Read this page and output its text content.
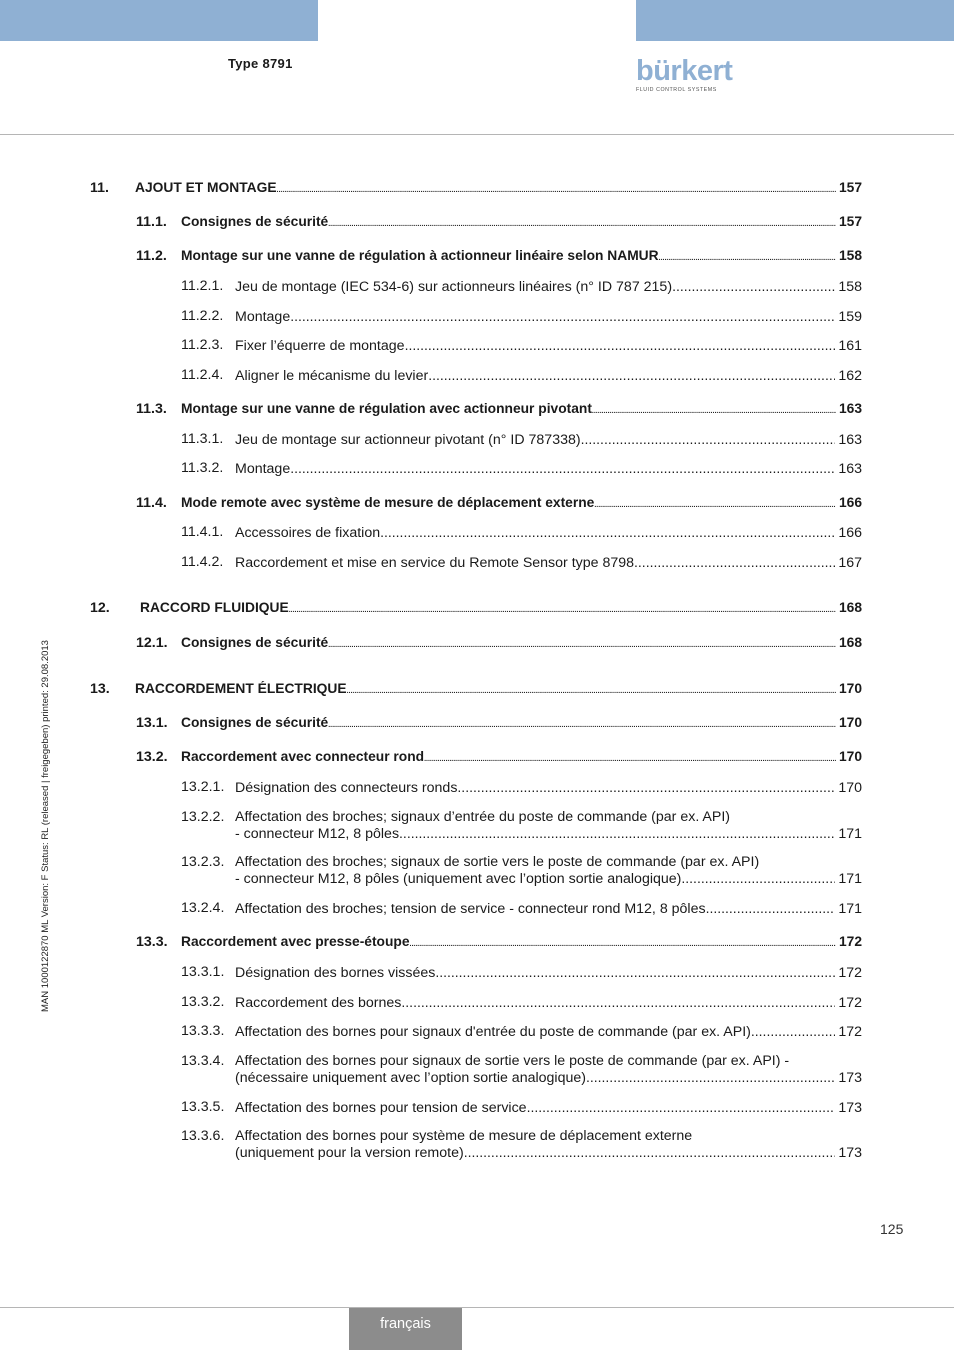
Type 8791	bürkert
FLUID CONTROL SYSTEMS
MAN 1000122870 ML Version: F Status: RL (released | freigegeben) printed: 29.08.2013
11. AJOUT ET MONTAGE .....	157
11.1. Consignes de sécurité .....	157
11.2. Montage sur une vanne de régulation à actionneur linéaire selon NAMUR .....	158
11.2.1. Jeu de montage (IEC 534-6) sur actionneurs linéaires (n° ID 787 215) .....	158
11.2.2. Montage .....	159
11.2.3. Fixer l’équerre de montage .....	161
11.2.4. Aligner le mécanisme du levier .....	162
11.3. Montage sur une vanne de régulation avec actionneur pivotant .....	163
11.3.1. Jeu de montage sur actionneur pivotant (n° ID 787338) .....	163
11.3.2. Montage .....	163
11.4. Mode remote avec système de mesure de déplacement externe .....	166
11.4.1. Accessoires de fixation .....	166
11.4.2. Raccordement et mise en service du Remote Sensor type 8798 .....	167
12. RACCORD FLUIDIQUE .....	168
12.1. Consignes de sécurité .....	168
13. RACCORDEMENT ÉLECTRIQUE .....	170
13.1. Consignes de sécurité .....	170
13.2. Raccordement avec connecteur rond .....	170
13.2.1. Désignation des connecteurs ronds .....	170
13.2.2. Affectation des broches; signaux d’entrée du poste de commande (par ex. API)
- connecteur M12, 8 pôles .....	171
13.2.3. Affectation des broches; signaux de sortie vers le poste de commande (par ex. API)
- connecteur M12, 8 pôles (uniquement avec l’option sortie analogique) .....	171
13.2.4. Affectation des broches; tension de service - connecteur rond M12, 8 pôles .....	171
13.3. Raccordement avec presse-étoupe .....	172
13.3.1. Désignation des bornes vissées .....	172
13.3.2. Raccordement des bornes .....	172
13.3.3. Affectation des bornes pour signaux d'entrée du poste de commande (par ex. API) .....	172
13.3.4. Affectation des bornes pour signaux de sortie vers le poste de commande (par ex. API) -
(nécessaire uniquement avec l’option sortie analogique) .....	173
13.3.5. Affectation des bornes pour tension de service .....	173
13.3.6. Affectation des bornes pour système de mesure de déplacement externe
(uniquement pour la version remote) .....	173
125
français
